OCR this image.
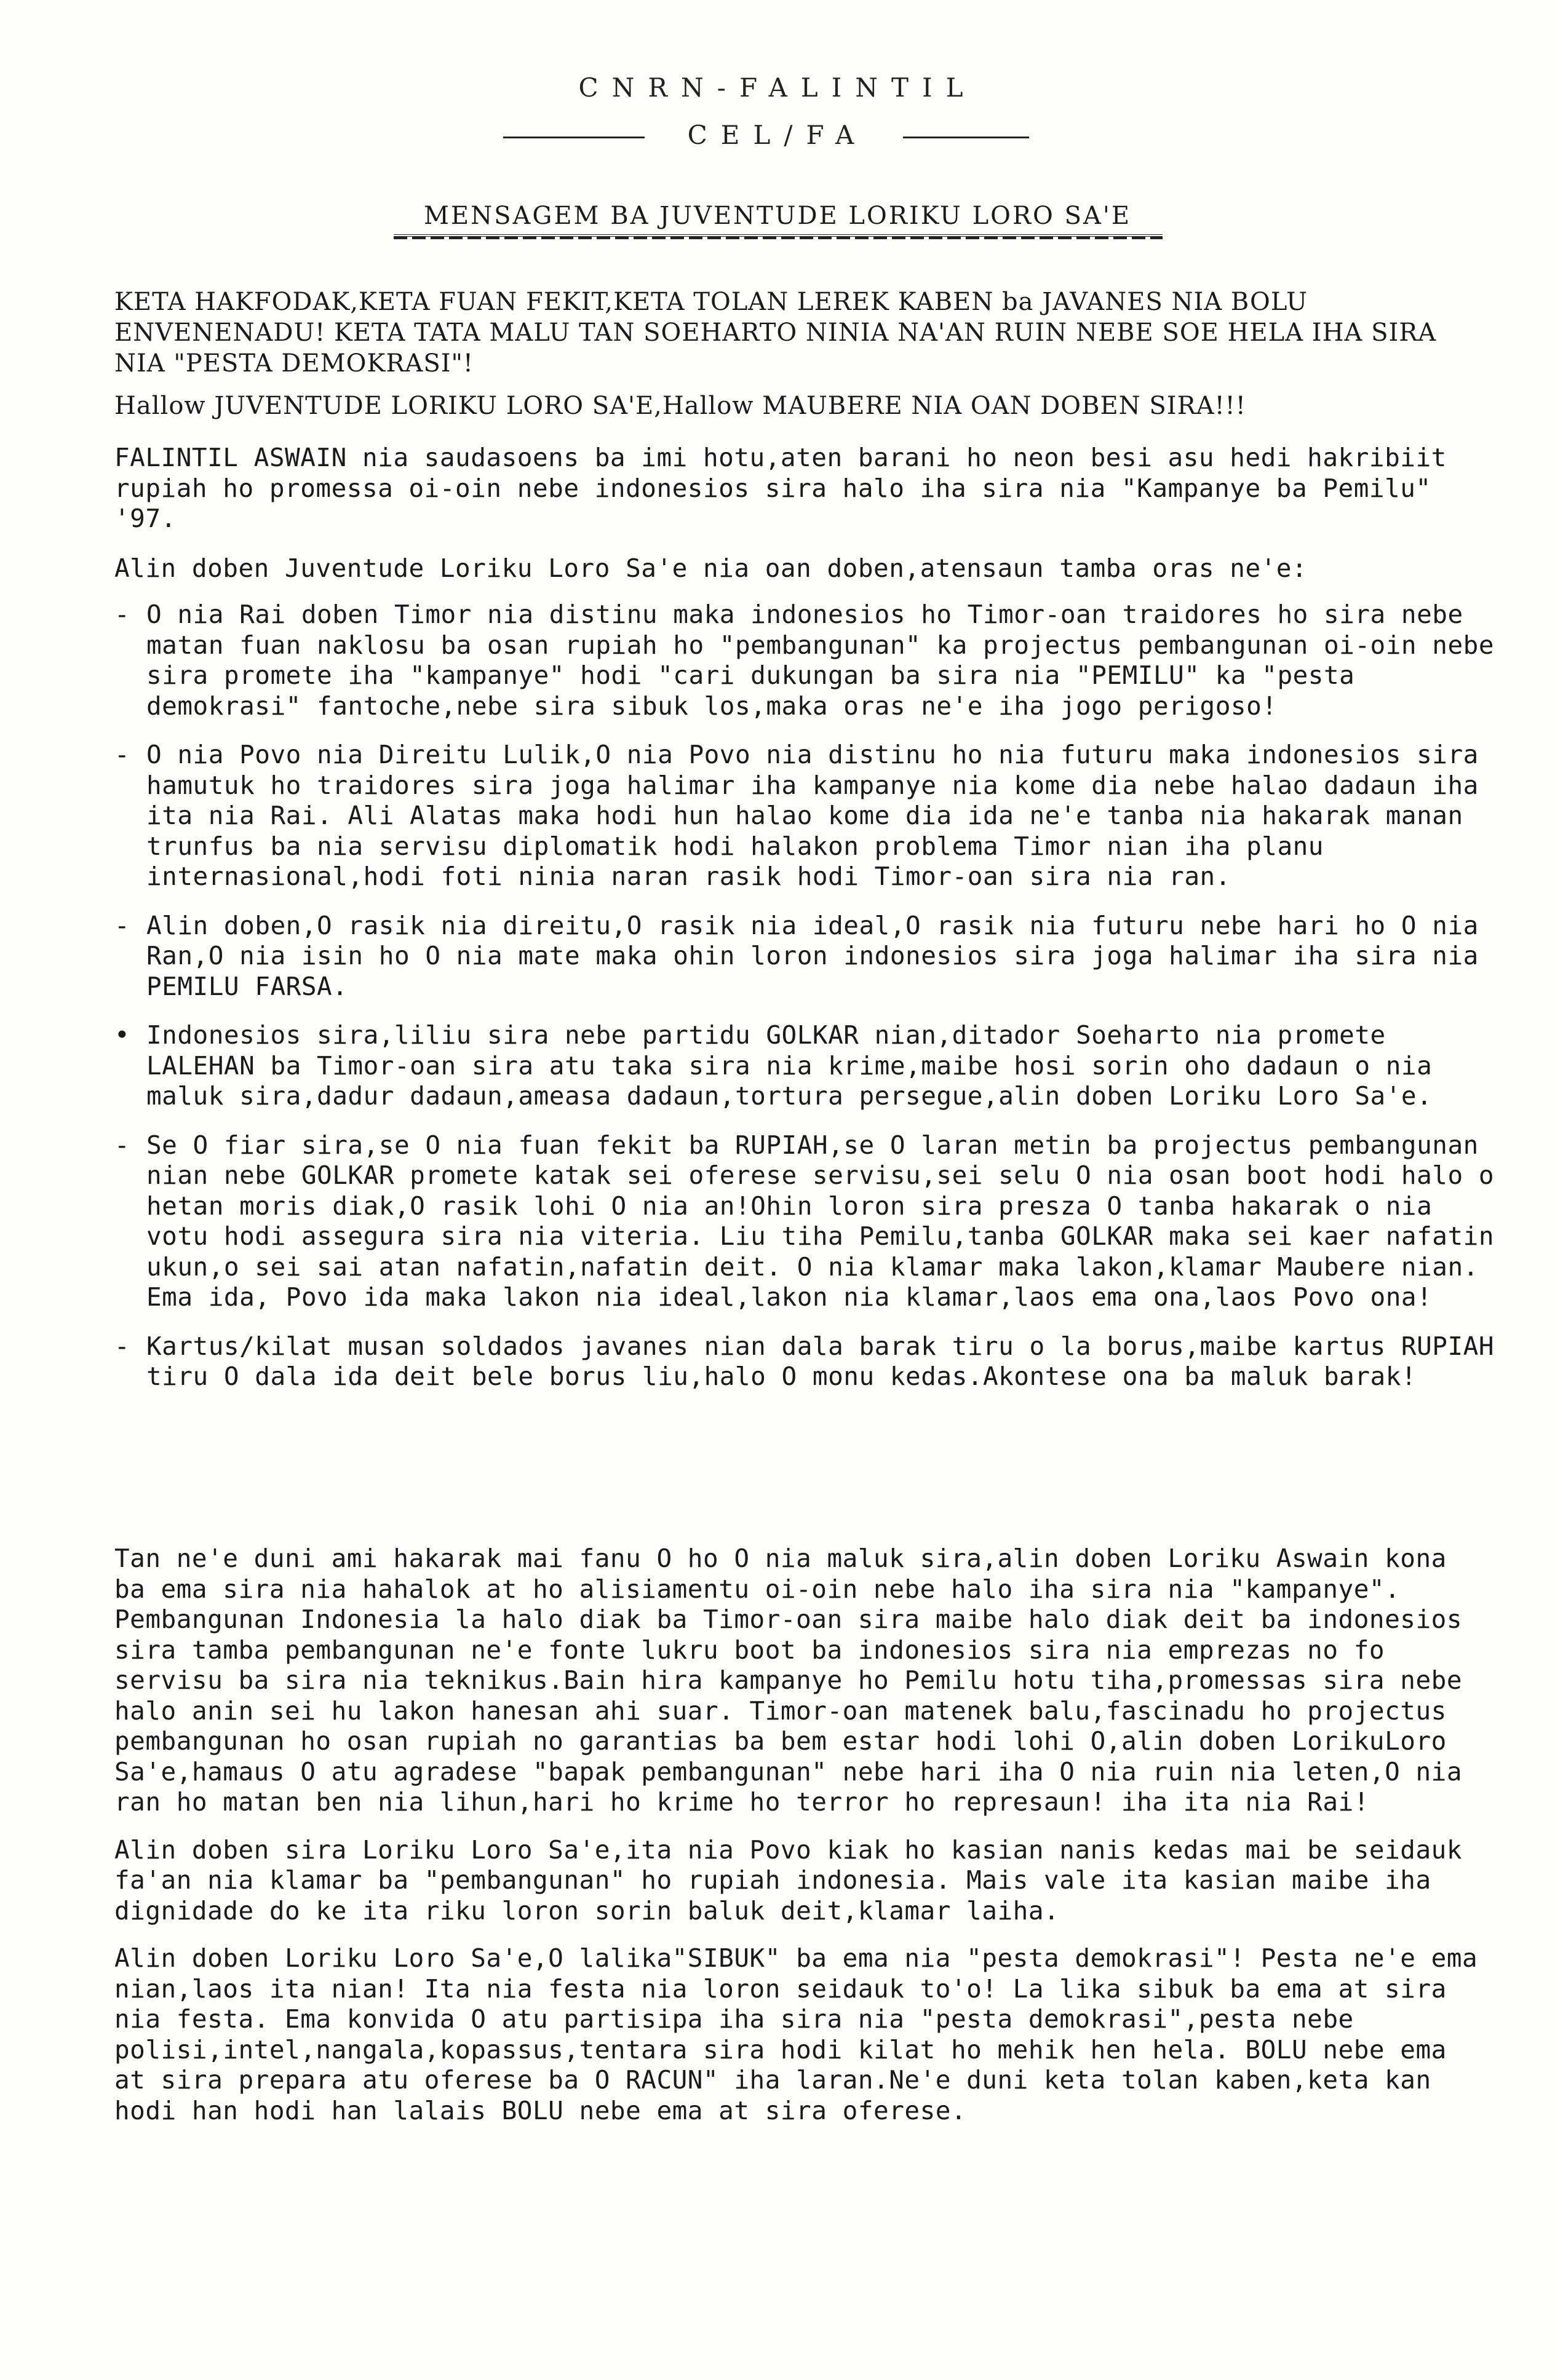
CNRN-FALINTIL
CEL/FA
MENSAGEM BA JUVENTUDE LORIKU LORO SA'E

KETA HAKFODAK,KETA FUAN FEKIT,KETA TOLAN LEREK KABEN ba JAVANES NIA BOLU ENVENENADU! KETA TATA MALU TAN SOEHARTO NINIA NA'AN RUIN NEBE SOE HELA IHA SIRA NIA "PESTA DEMOKRASI"!

Hallow JUVENTUDE LORIKU LORO SA'E,Hallow MAUBERE NIA OAN DOBEN SIRA!!!

FALINTIL ASWAIN nia saudasoens ba imi hotu,aten barani ho neon besi asu hedi hakribiit rupiah ho promessa oi-oin nebe indonesios sira halo iha sira nia "Kampanye ba Pemilu" '97.

Alin doben Juventude Loriku Loro Sa'e nia oan doben,atensaun tamba oras ne'e:

- O nia Rai doben Timor nia distinu maka indonesios ho Timor-oan traidores ho sira nebe matan fuan naklosu ba osan rupiah ho "pembangunan" ka projectus pembangunan oi-oin nebe sira promete iha "kampanye" hodi "cari dukungan ba sira nia "PEMILU" ka "pesta demokrasi" fantoche,nebe sira sibuk los,maka oras ne'e iha jogo perigoso!
- O nia Povo nia Direitu Lulik,O nia Povo nia distinu ho nia futuru maka indonesios sira hamutuk ho traidores sira joga halimar iha kampanye nia kome dia nebe halao dadaun iha ita nia Rai. Ali Alatas maka hodi hun halao kome dia ida ne'e tanba nia hakarak manan trunfus ba nia servisu diplomatik hodi halakon problema Timor nian iha planu internasional,hodi foti ninia naran rasik hodi Timor-oan sira nia ran.
- Alin doben,O rasik nia direitu,O rasik nia ideal,O rasik nia futuru nebe hari ho O nia Ran,O nia isin ho O nia mate maka ohin loron indonesios sira joga halimar iha sira nia PEMILU FARSA.
• Indonesios sira,liliu sira nebe partidu GOLKAR nian,ditador Soeharto nia promete LALEHAN ba Timor-oan sira atu taka sira nia krime,maibe hosi sorin oho dadaun o nia maluk sira,dadur dadaun,ameasa dadaun,tortura persegue,alin doben Loriku Loro Sa'e.
- Se O fiar sira,se O nia fuan fekit ba RUPIAH,se O laran metin ba projectus pembangunan nian nebe GOLKAR promete katak sei oferese servisu,sei selu O nia osan boot hodi halo o hetan moris diak,O rasik lohi O nia an!Ohin loron sira presza O tanba hakarak o nia votu hodi assegura sira nia viteria. Liu tiha Pemilu,tanba GOLKAR maka sei kaer nafatin ukun,o sei sai atan nafatin,nafatin deit. O nia klamar maka lakon,klamar Maubere nian. Ema ida, Povo ida maka lakon nia ideal,lakon nia klamar,laos ema ona,laos Povo ona!
- Kartus/kilat musan soldados javanes nian dala barak tiru o la borus,maibe kartus RUPIAH tiru O dala ida deit bele borus liu,halo O monu kedas.Akontese ona ba maluk barak!

Tan ne'e duni ami hakarak mai fanu O ho O nia maluk sira,alin doben Loriku Aswain kona ba ema sira nia hahalok at ho alisiamentu oi-oin nebe halo iha sira nia "kampanye". Pembangunan Indonesia la halo diak ba Timor-oan sira maibe halo diak deit ba indonesios sira tamba pembangunan ne'e fonte lukru boot ba indonesios sira nia emprezas no fo servisu ba sira nia teknikus.Bain hira kampanye ho Pemilu hotu tiha,promessas sira nebe halo anin sei hu lakon hanesan ahi suar. Timor-oan matenek balu,fascinadu ho projectus pembangunan ho osan rupiah no garantias ba bem estar hodi lohi O,alin doben LorikuLoro Sa'e,hamaus O atu agradese "bapak pembangunan" nebe hari iha O nia ruin nia leten,O nia ran ho matan ben nia lihun,hari ho krime ho terror ho represaun! iha ita nia Rai!

Alin doben sira Loriku Loro Sa'e,ita nia Povo kiak ho kasian nanis kedas mai be seidauk fa'an nia klamar ba "pembangunan" ho rupiah indonesia. Mais vale ita kasian maibe iha dignidade do ke ita riku loron sorin baluk deit,klamar laiha.

Alin doben Loriku Loro Sa'e,O lalika"SIBUK" ba ema nia "pesta demokrasi"! Pesta ne'e ema nian,laos ita nian! Ita nia festa nia loron seidauk to'o! La lika sibuk ba ema at sira nia festa. Ema konvida O atu partisipa iha sira nia "pesta demokrasi",pesta nebe polisi,intel,nangala,kopassus,tentara sira hodi kilat ho mehik hen hela. BOLU nebe ema at sira prepara atu oferese ba O RACUN" iha laran.Ne'e duni keta tolan kaben,keta kan hodi han hodi han lalais BOLU nebe ema at sira oferese.
